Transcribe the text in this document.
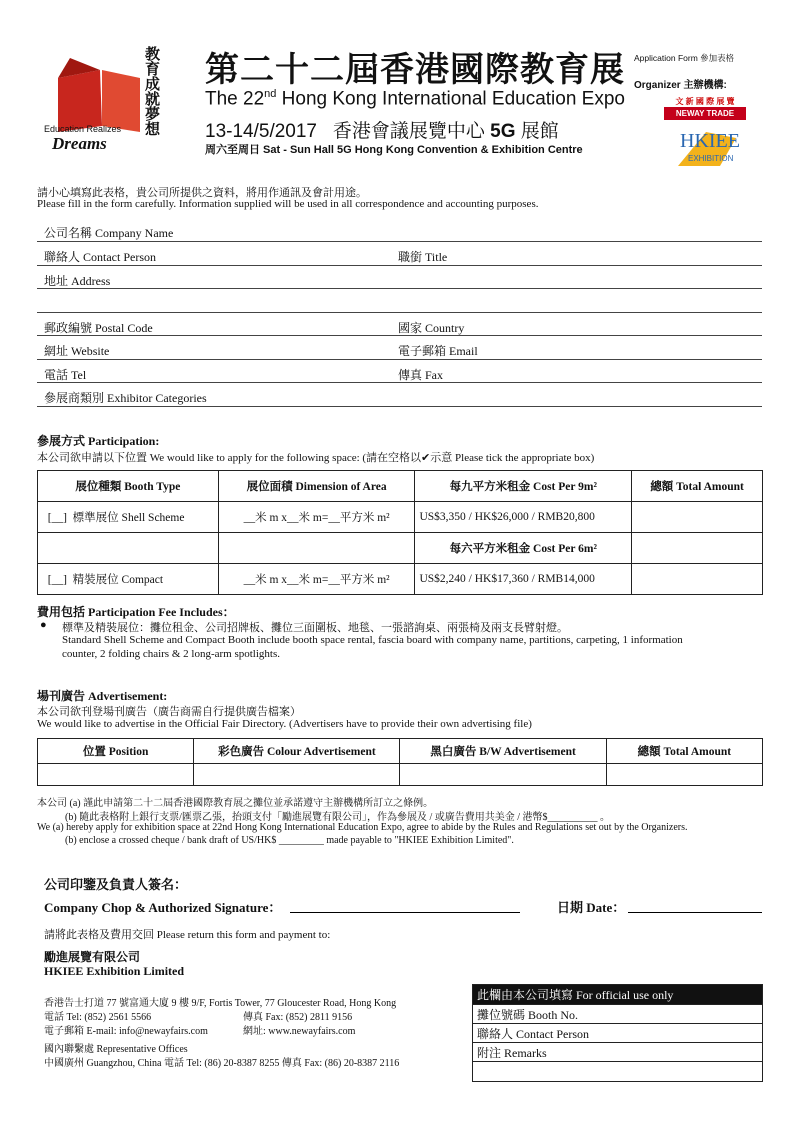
教育成就夢想
Education Realizes
Dreams
第二十二屆香港國際教育展
The 22nd Hong Kong International Education Expo
13-14/5/2017 香港會議展覽中心 5G 展館
周六至周日 Sat - Sun Hall 5G Hong Kong Convention & Exhibition Centre
Application Form 參加表格
Organizer 主辦機構:
文 新 國 際 展 覽
NEWAY TRADE FAIRS
HKIEE
EXHIBITION
請小心填寫此表格，貴公司所提供之資料，將用作通訊及會計用途。
Please fill in the form carefully. Information supplied will be used in all correspondence and accounting purposes.
公司名稱 Company Name
聯絡人 Contact Person	職銜 Title
地址 Address
郵政編號 Postal Code	國家 Country
網址 Website	電子郵箱 Email
電話 Tel	傳真 Fax
參展商類別 Exhibitor Categories
參展方式 Participation:
本公司欲申請以下位置 We would like to apply for the following space: (請在空格以✔示意 Please tick the appropriate box)
展位種類 Booth Type	展位面積 Dimension of Area	每九平方米租金 Cost Per 9m²	總額 Total Amount
[__] 標準展位 Shell Scheme	__米 m x__米 m=__平方米 m²	US$3,350 / HK$26,000 / RMB20,800	
		每六平方米租金 Cost Per 6m²	
[__] 精裝展位 Compact	__米 m x__米 m=__平方米 m²	US$2,240 / HK$17,360 / RMB14,000	
費用包括 Participation Fee Includes：
● 標準及精裝展位：攤位租金、公司招牌板、攤位三面圍板、地毯、一張諮詢桌、兩張椅及兩支長臂射燈。
Standard Shell Scheme and Compact Booth include booth space rental, fascia board with company name, partitions, carpeting, 1 information
counter, 2 folding chairs & 2 long-arm spotlights.
場刊廣告 Advertisement:
本公司欲刊登場刊廣告（廣告商需自行提供廣告檔案）
We would like to advertise in the Official Fair Directory. (Advertisers have to provide their own advertising file)
位置 Position	彩色廣告 Colour Advertisement	黑白廣告 B/W Advertisement	總額 Total Amount

本公司 (a) 謹此申請第二十二屆香港國際教育展之攤位並承諾遵守主辦機構所訂立之條例。
(b) 隨此表格附上銀行支票/匯票乙張，抬頭支付「勵進展覽有限公司」，作為參展及 / 或廣告費用共美金 / 港幣$__________ 。
We (a) hereby apply for exhibition space at 22nd Hong Kong International Education Expo, agree to abide by the Rules and Regulations set out by the Organizers.
(b) enclose a crossed cheque / bank draft of US/HK$ _________ made payable to "HKIEE Exhibition Limited".
公司印鑒及負責人簽名：
Company Chop & Authorized Signature：	日期 Date：
請將此表格及費用交回 Please return this form and payment to:
勵進展覽有限公司
HKIEE Exhibition Limited
香港告士打道 77 號富通大廈 9 樓 9/F, Fortis Tower, 77 Gloucester Road, Hong Kong
電話 Tel: (852) 2561 5566	傳真 Fax: (852) 2811 9156
電子郵箱 E-mail: info@newayfairs.com	網址: www.newayfairs.com
國內聯繫處 Representative Offices
中國廣州 Guangzhou, China 電話 Tel: (86) 20-8387 8255 傳真 Fax: (86) 20-8387 2116
此欄由本公司填寫 For official use only
攤位號碼 Booth No.
聯絡人 Contact Person
附注 Remarks
